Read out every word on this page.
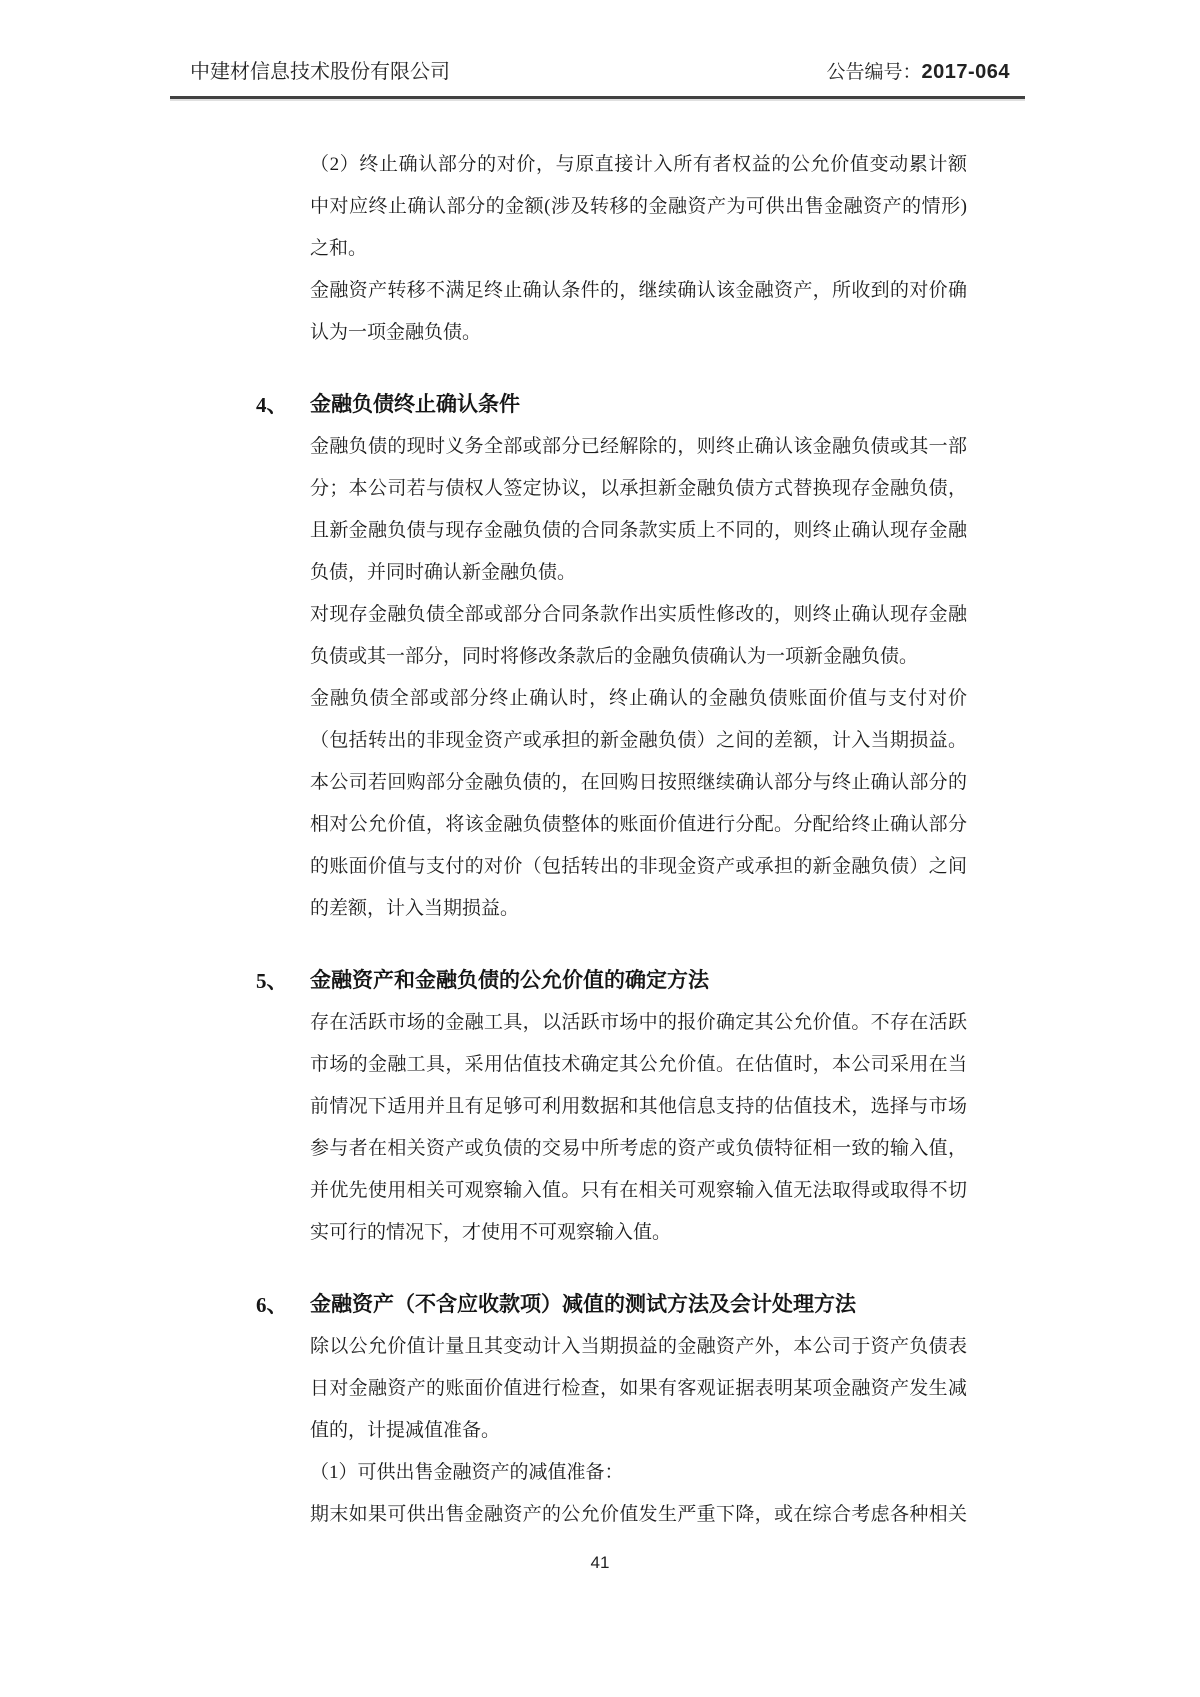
中建材信息技术股份有限公司	公告编号：2017-064
（2）终止确认部分的对价，与原直接计入所有者权益的公允价值变动累计额
中对应终止确认部分的金额(涉及转移的金融资产为可供出售金融资产的情形)
之和。
金融资产转移不满足终止确认条件的，继续确认该金融资产，所收到的对价确
认为一项金融负债。
4、	金融负债终止确认条件
金融负债的现时义务全部或部分已经解除的，则终止确认该金融负债或其一部
分；本公司若与债权人签定协议，以承担新金融负债方式替换现存金融负债，
且新金融负债与现存金融负债的合同条款实质上不同的，则终止确认现存金融
负债，并同时确认新金融负债。
对现存金融负债全部或部分合同条款作出实质性修改的，则终止确认现存金融
负债或其一部分，同时将修改条款后的金融负债确认为一项新金融负债。
金融负债全部或部分终止确认时，终止确认的金融负债账面价值与支付对价
（包括转出的非现金资产或承担的新金融负债）之间的差额，计入当期损益。
本公司若回购部分金融负债的，在回购日按照继续确认部分与终止确认部分的
相对公允价值，将该金融负债整体的账面价值进行分配。分配给终止确认部分
的账面价值与支付的对价（包括转出的非现金资产或承担的新金融负债）之间
的差额，计入当期损益。
5、	金融资产和金融负债的公允价值的确定方法
存在活跃市场的金融工具，以活跃市场中的报价确定其公允价值。不存在活跃
市场的金融工具，采用估值技术确定其公允价值。在估值时，本公司采用在当
前情况下适用并且有足够可利用数据和其他信息支持的估值技术，选择与市场
参与者在相关资产或负债的交易中所考虑的资产或负债特征相一致的输入值，
并优先使用相关可观察输入值。只有在相关可观察输入值无法取得或取得不切
实可行的情况下，才使用不可观察输入值。
6、	金融资产（不含应收款项）减值的测试方法及会计处理方法
除以公允价值计量且其变动计入当期损益的金融资产外，本公司于资产负债表
日对金融资产的账面价值进行检查，如果有客观证据表明某项金融资产发生减
值的，计提减值准备。
（1）可供出售金融资产的减值准备：
期末如果可供出售金融资产的公允价值发生严重下降，或在综合考虑各种相关
41
